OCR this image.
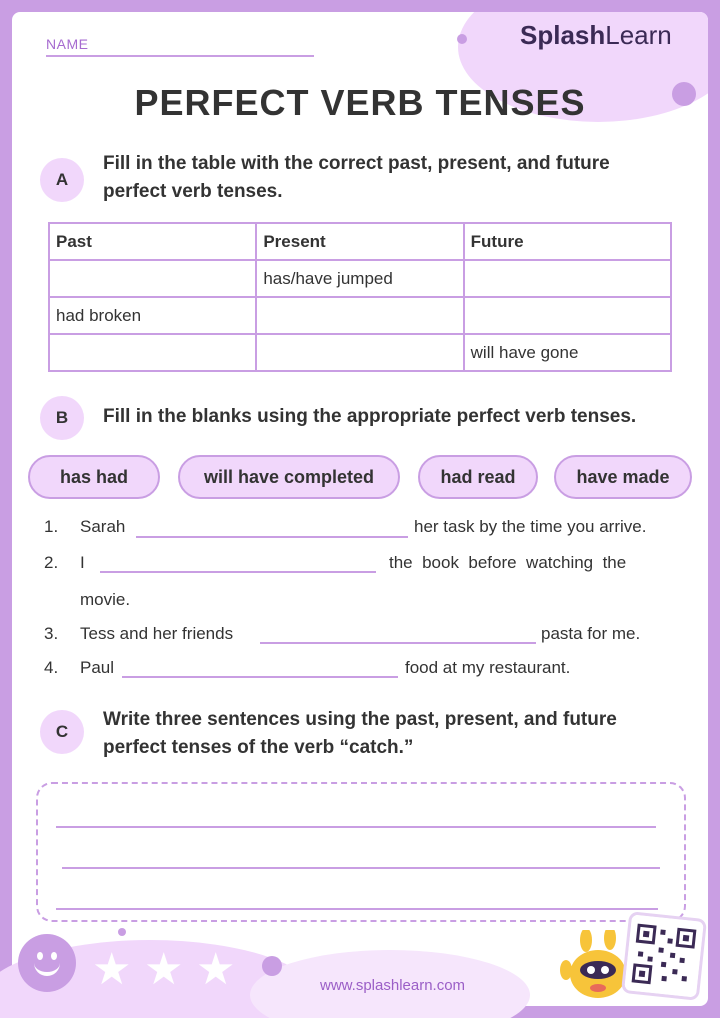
NAME	SplashLearn
PERFECT VERB TENSES
A
Fill in the table with the correct past, present, and future
perfect verb tenses.
Past	Present	Future
	has/have jumped	
had broken		
		will have gone
B	Fill in the blanks using the appropriate perfect verb tenses.
has had	will have completed	had read	have made
1. Sarah	her task by the time you arrive.
2. I	the  book  before  watching  the
movie.
3. Tess and her friends	pasta for me.
4. Paul	food at my restaurant.
C
Write three sentences using the past, present, and future
perfect tenses of the verb “catch.”
★ ★ ★	www.splashlearn.com
